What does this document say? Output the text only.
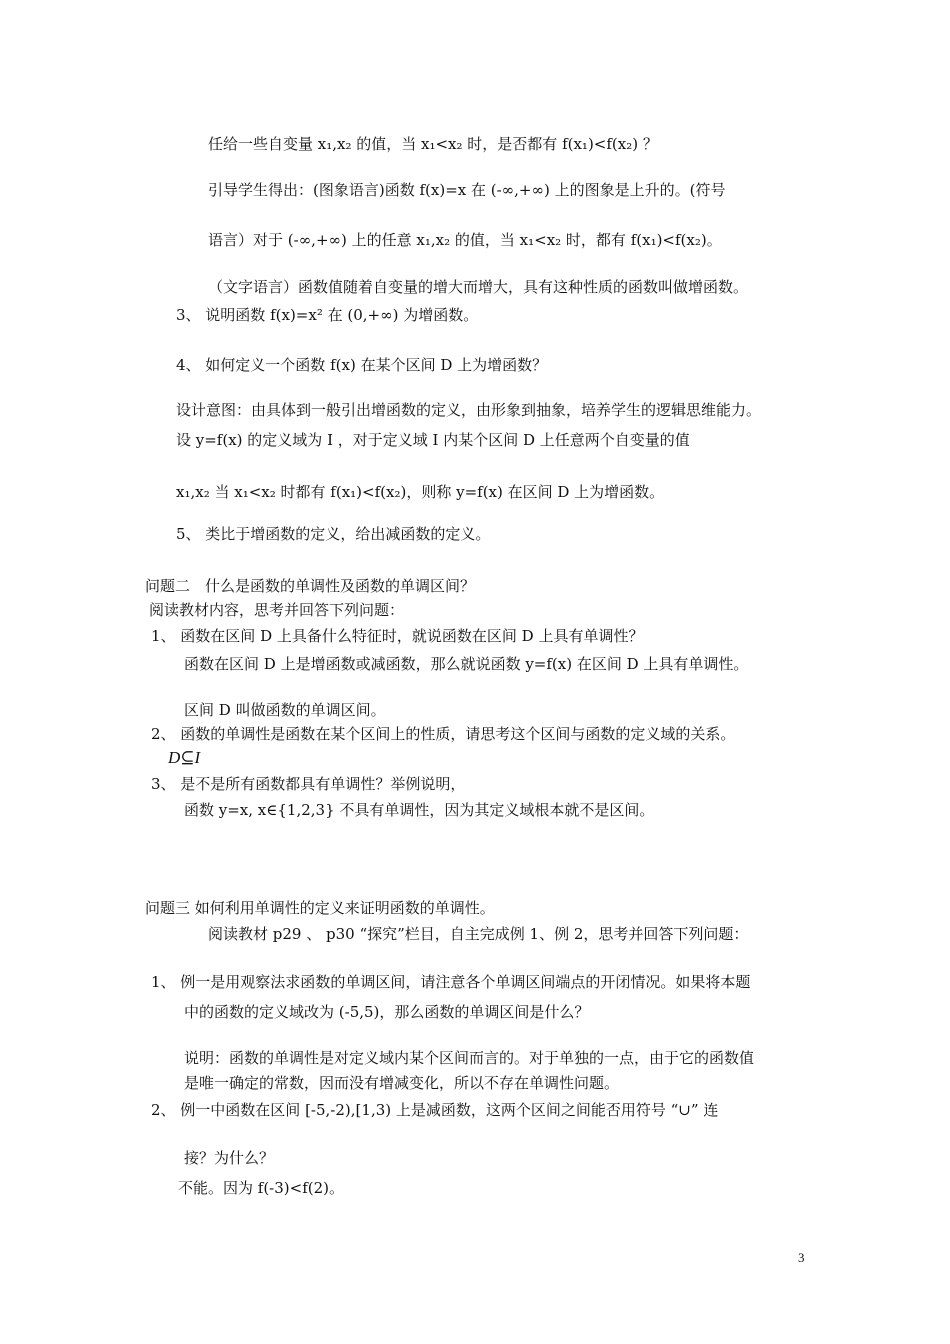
任给一些自变量 x₁,x₂ 的值，当 x₁<x₂ 时，是否都有 f(x₁)<f(x₂) ？
引导学生得出：(图象语言)函数 f(x)=x 在 (-∞,+∞) 上的图象是上升的。(符号
语言）对于 (-∞,+∞) 上的任意 x₁,x₂ 的值，当 x₁<x₂ 时，都有 f(x₁)<f(x₂)。
（文字语言）函数值随着自变量的增大而增大，具有这种性质的函数叫做增函数。
3、 说明函数 f(x)=x² 在 (0,+∞) 为增函数。
4、 如何定义一个函数 f(x) 在某个区间 D 上为增函数？
设计意图：由具体到一般引出增函数的定义，由形象到抽象，培养学生的逻辑思维能力。
设 y=f(x) 的定义域为 I ，对于定义域 I 内某个区间 D 上任意两个自变量的值
x₁,x₂ 当 x₁<x₂ 时都有 f(x₁)<f(x₂)，则称 y=f(x) 在区间 D 上为增函数。
5、 类比于增函数的定义，给出减函数的定义。
问题二　什么是函数的单调性及函数的单调区间？
阅读教材内容，思考并回答下列问题：
1、 函数在区间 D 上具备什么特征时，就说函数在区间 D 上具有单调性？
函数在区间 D 上是增函数或减函数，那么就说函数 y=f(x) 在区间 D 上具有单调性。
区间 D 叫做函数的单调区间。
2、 函数的单调性是函数在某个区间上的性质，请思考这个区间与函数的定义域的关系。
D⊆I
3、 是不是所有函数都具有单调性？举例说明，
函数 y=x, x∈{1,2,3} 不具有单调性，因为其定义域根本就不是区间。
问题三 如何利用单调性的定义来证明函数的单调性。
阅读教材 p29 、 p30 “探究”栏目，自主完成例 1、例 2，思考并回答下列问题：
1、 例一是用观察法求函数的单调区间，请注意各个单调区间端点的开闭情况。如果将本题
中的函数的定义域改为 (-5,5)，那么函数的单调区间是什么？
说明：函数的单调性是对定义域内某个区间而言的。对于单独的一点，由于它的函数值
是唯一确定的常数，因而没有增减变化，所以不存在单调性问题。
2、 例一中函数在区间 [-5,-2),[1,3) 上是减函数，这两个区间之间能否用符号 “∪” 连
接？为什么？
不能。因为 f(-3)<f(2)。
3
